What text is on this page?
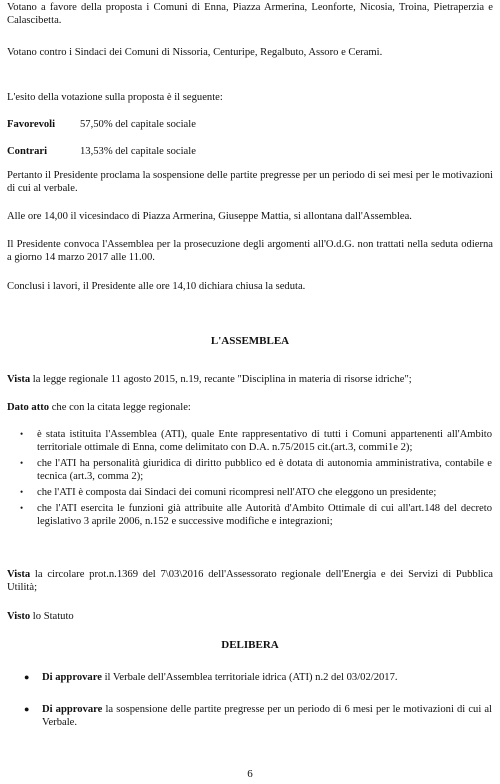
Votano a favore della proposta i Comuni di Enna, Piazza Armerina, Leonforte, Nicosia, Troina, Pietraperzia e Calascibetta.

Votano contro i Sindaci dei Comuni di Nissoria, Centuripe, Regalbuto, Assoro e Cerami.

L'esito della votazione sulla proposta è il seguente:

Favorevoli 57,50% del capitale sociale
Contrari	13,53% del capitale sociale

Pertanto il Presidente proclama la sospensione delle partite pregresse per un periodo di sei mesi per le motivazioni di cui al verbale.

Alle ore 14,00 il vicesindaco di Piazza Armerina, Giuseppe Mattia, si allontana dall'Assemblea.

Il Presidente convoca l'Assemblea per la prosecuzione degli argomenti all'O.d.G. non trattati nella seduta odierna a giorno 14 marzo 2017 alle 11.00.

Conclusi i lavori, il Presidente alle ore 14,10 dichiara chiusa la seduta.

L'ASSEMBLEA

Vista la legge regionale 11 agosto 2015, n.19, recante "Disciplina in materia di risorse idriche";

Dato atto che con la citata legge regionale:

• è stata istituita l'Assemblea (ATI), quale Ente rappresentativo di tutti i Comuni appartenenti all'Ambito territoriale ottimale di Enna, come delimitato con D.A. n.75/2015 cit.(art.3, commi1e 2);
• che l'ATI ha personalità giuridica di diritto pubblico ed è dotata di autonomia amministrativa, contabile e tecnica (art.3, comma 2);
• che l'ATI è composta dai Sindaci dei comuni ricompresi nell'ATO che eleggono un presidente;
• che l'ATI esercita le funzioni già attribuite alle Autorità d'Ambito Ottimale di cui all'art.148 del decreto legislativo 3 aprile 2006, n.152 e successive modifiche e integrazioni;

Vista la circolare prot.n.1369 del 7\03\2016 dell'Assessorato regionale dell'Energia e dei Servizi di Pubblica Utilità;

Visto lo Statuto

DELIBERA
● Di approvare il Verbale dell'Assemblea territoriale idrica (ATI) n.2 del 03/02/2017.
● Di approvare la sospensione delle partite pregresse per un periodo di 6 mesi per le motivazioni di cui al Verbale.
6
